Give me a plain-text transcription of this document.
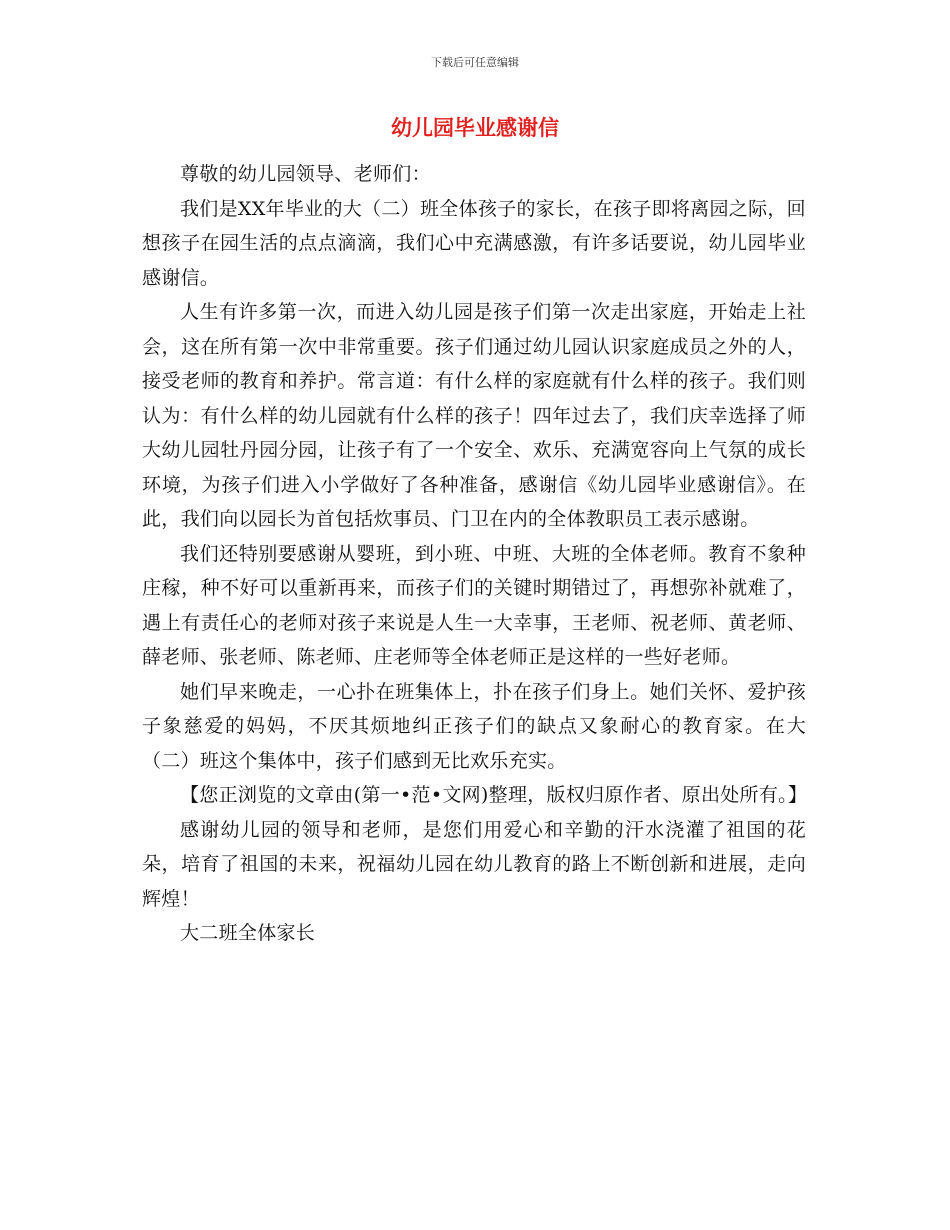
下载后可任意编辑
幼儿园毕业感谢信

尊敬的幼儿园领导、老师们：

我们是XX年毕业的大（二）班全体孩子的家长，在孩子即将离园之际，回想孩子在园生活的点点滴滴，我们心中充满感激，有许多话要说，幼儿园毕业感谢信。

人生有许多第一次，而进入幼儿园是孩子们第一次走出家庭，开始走上社会，这在所有第一次中非常重要。孩子们通过幼儿园认识家庭成员之外的人，接受老师的教育和养护。常言道：有什么样的家庭就有什么样的孩子。我们则认为：有什么样的幼儿园就有什么样的孩子！四年过去了，我们庆幸选择了师大幼儿园牡丹园分园，让孩子有了一个安全、欢乐、充满宽容向上气氛的成长环境，为孩子们进入小学做好了各种准备，感谢信《幼儿园毕业感谢信》。在此，我们向以园长为首包括炊事员、门卫在内的全体教职员工表示感谢。

我们还特别要感谢从婴班，到小班、中班、大班的全体老师。教育不象种庄稼，种不好可以重新再来，而孩子们的关键时期错过了，再想弥补就难了，遇上有责任心的老师对孩子来说是人生一大幸事，王老师、祝老师、黄老师、薛老师、张老师、陈老师、庄老师等全体老师正是这样的一些好老师。

她们早来晚走，一心扑在班集体上，扑在孩子们身上。她们关怀、爱护孩子象慈爱的妈妈，不厌其烦地纠正孩子们的缺点又象耐心的教育家。在大（二）班这个集体中，孩子们感到无比欢乐充实。

【您正浏览的文章由(第一•范•文网)整理，版权归原作者、原出处所有。】

感谢幼儿园的领导和老师，是您们用爱心和辛勤的汗水浇灌了祖国的花朵，培育了祖国的未来，祝福幼儿园在幼儿教育的路上不断创新和进展，走向辉煌！

大二班全体家长
